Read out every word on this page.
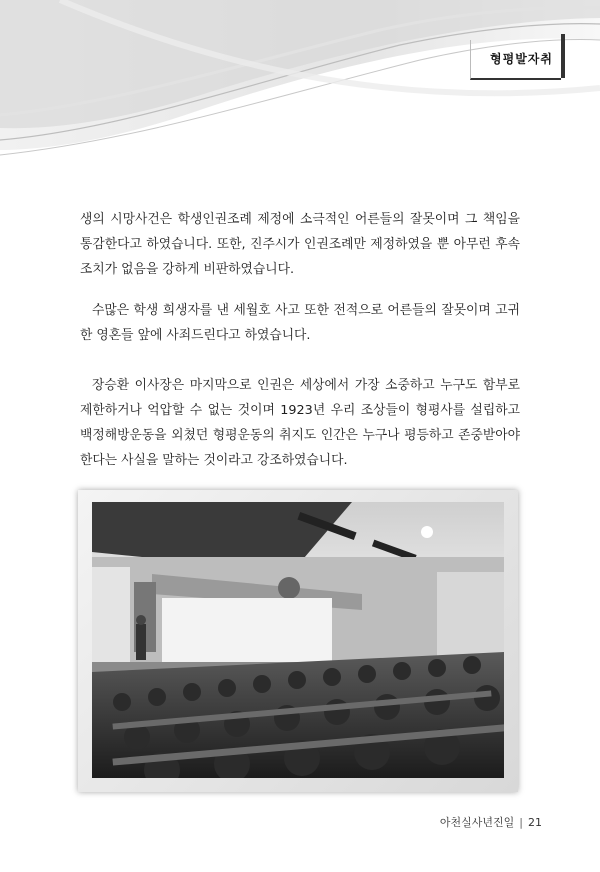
형평발자취

생의 시망사건은 학생인권조례 제정에 소극적인 어른들의 잘못이며 그 책임을 통감한다고 하였습니다. 또한, 진주시가 인권조례만 제정하였을 뿐 아무런 후속조치가 없음을 강하게 비판하였습니다.

수많은 학생 희생자를 낸 세월호 사고 또한 전적으로 어른들의 잘못이며 고귀한 영혼들 앞에 사죄드린다고 하였습니다.

장승환 이사장은 마지막으로 인권은 세상에서 가장 소중하고 누구도 함부로 제한하거나 억압할 수 없는 것이며 1923년 우리 조상들이 형평사를 설립하고 백정해방운동을 외쳤던 형평운동의 취지도 인간은 누구나 평등하고 존중받아야 한다는 사실을 말하는 것이라고 강조하였습니다.

아천실사년진일 | 21
